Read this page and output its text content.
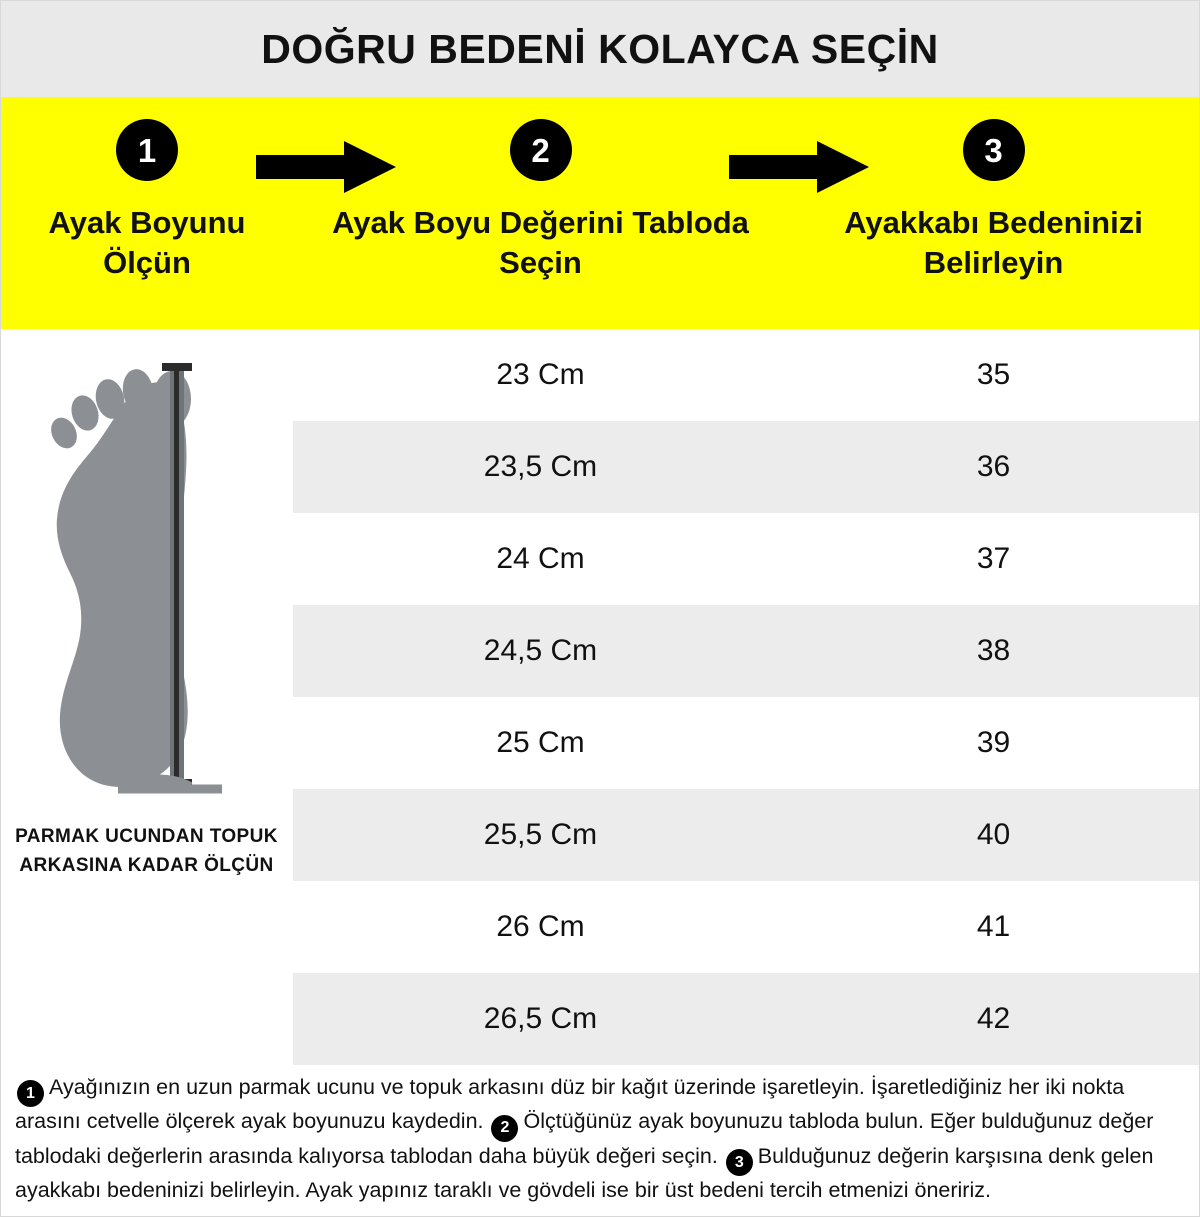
DOĞRU BEDENİ KOLAYCA SEÇİN
1
Ayak Boyunu Ölçün
2
Ayak Boyu Değerini Tabloda Seçin
3
Ayakkabı Bedeninizi Belirleyin
PARMAK UCUNDAN TOPUK ARKASINA KADAR ÖLÇÜN
23 Cm	35
23,5 Cm	36
24 Cm	37
24,5 Cm	38
25 Cm	39
25,5 Cm	40
26 Cm	41
26,5 Cm	42
1 Ayağınızın en uzun parmak ucunu ve topuk arkasını düz bir kağıt üzerinde işaretleyin. İşaretlediğiniz her iki nokta arasını cetvelle ölçerek ayak boyunuzu kaydedin. 2 Ölçtüğünüz ayak boyunuzu tabloda bulun. Eğer bulduğunuz değer tablodaki değerlerin arasında kalıyorsa tablodan daha büyük değeri seçin. 3 Bulduğunuz değerin karşısına denk gelen ayakkabı bedeninizi belirleyin. Ayak yapınız taraklı ve gövdeli ise bir üst bedeni tercih etmenizi öneririz.
